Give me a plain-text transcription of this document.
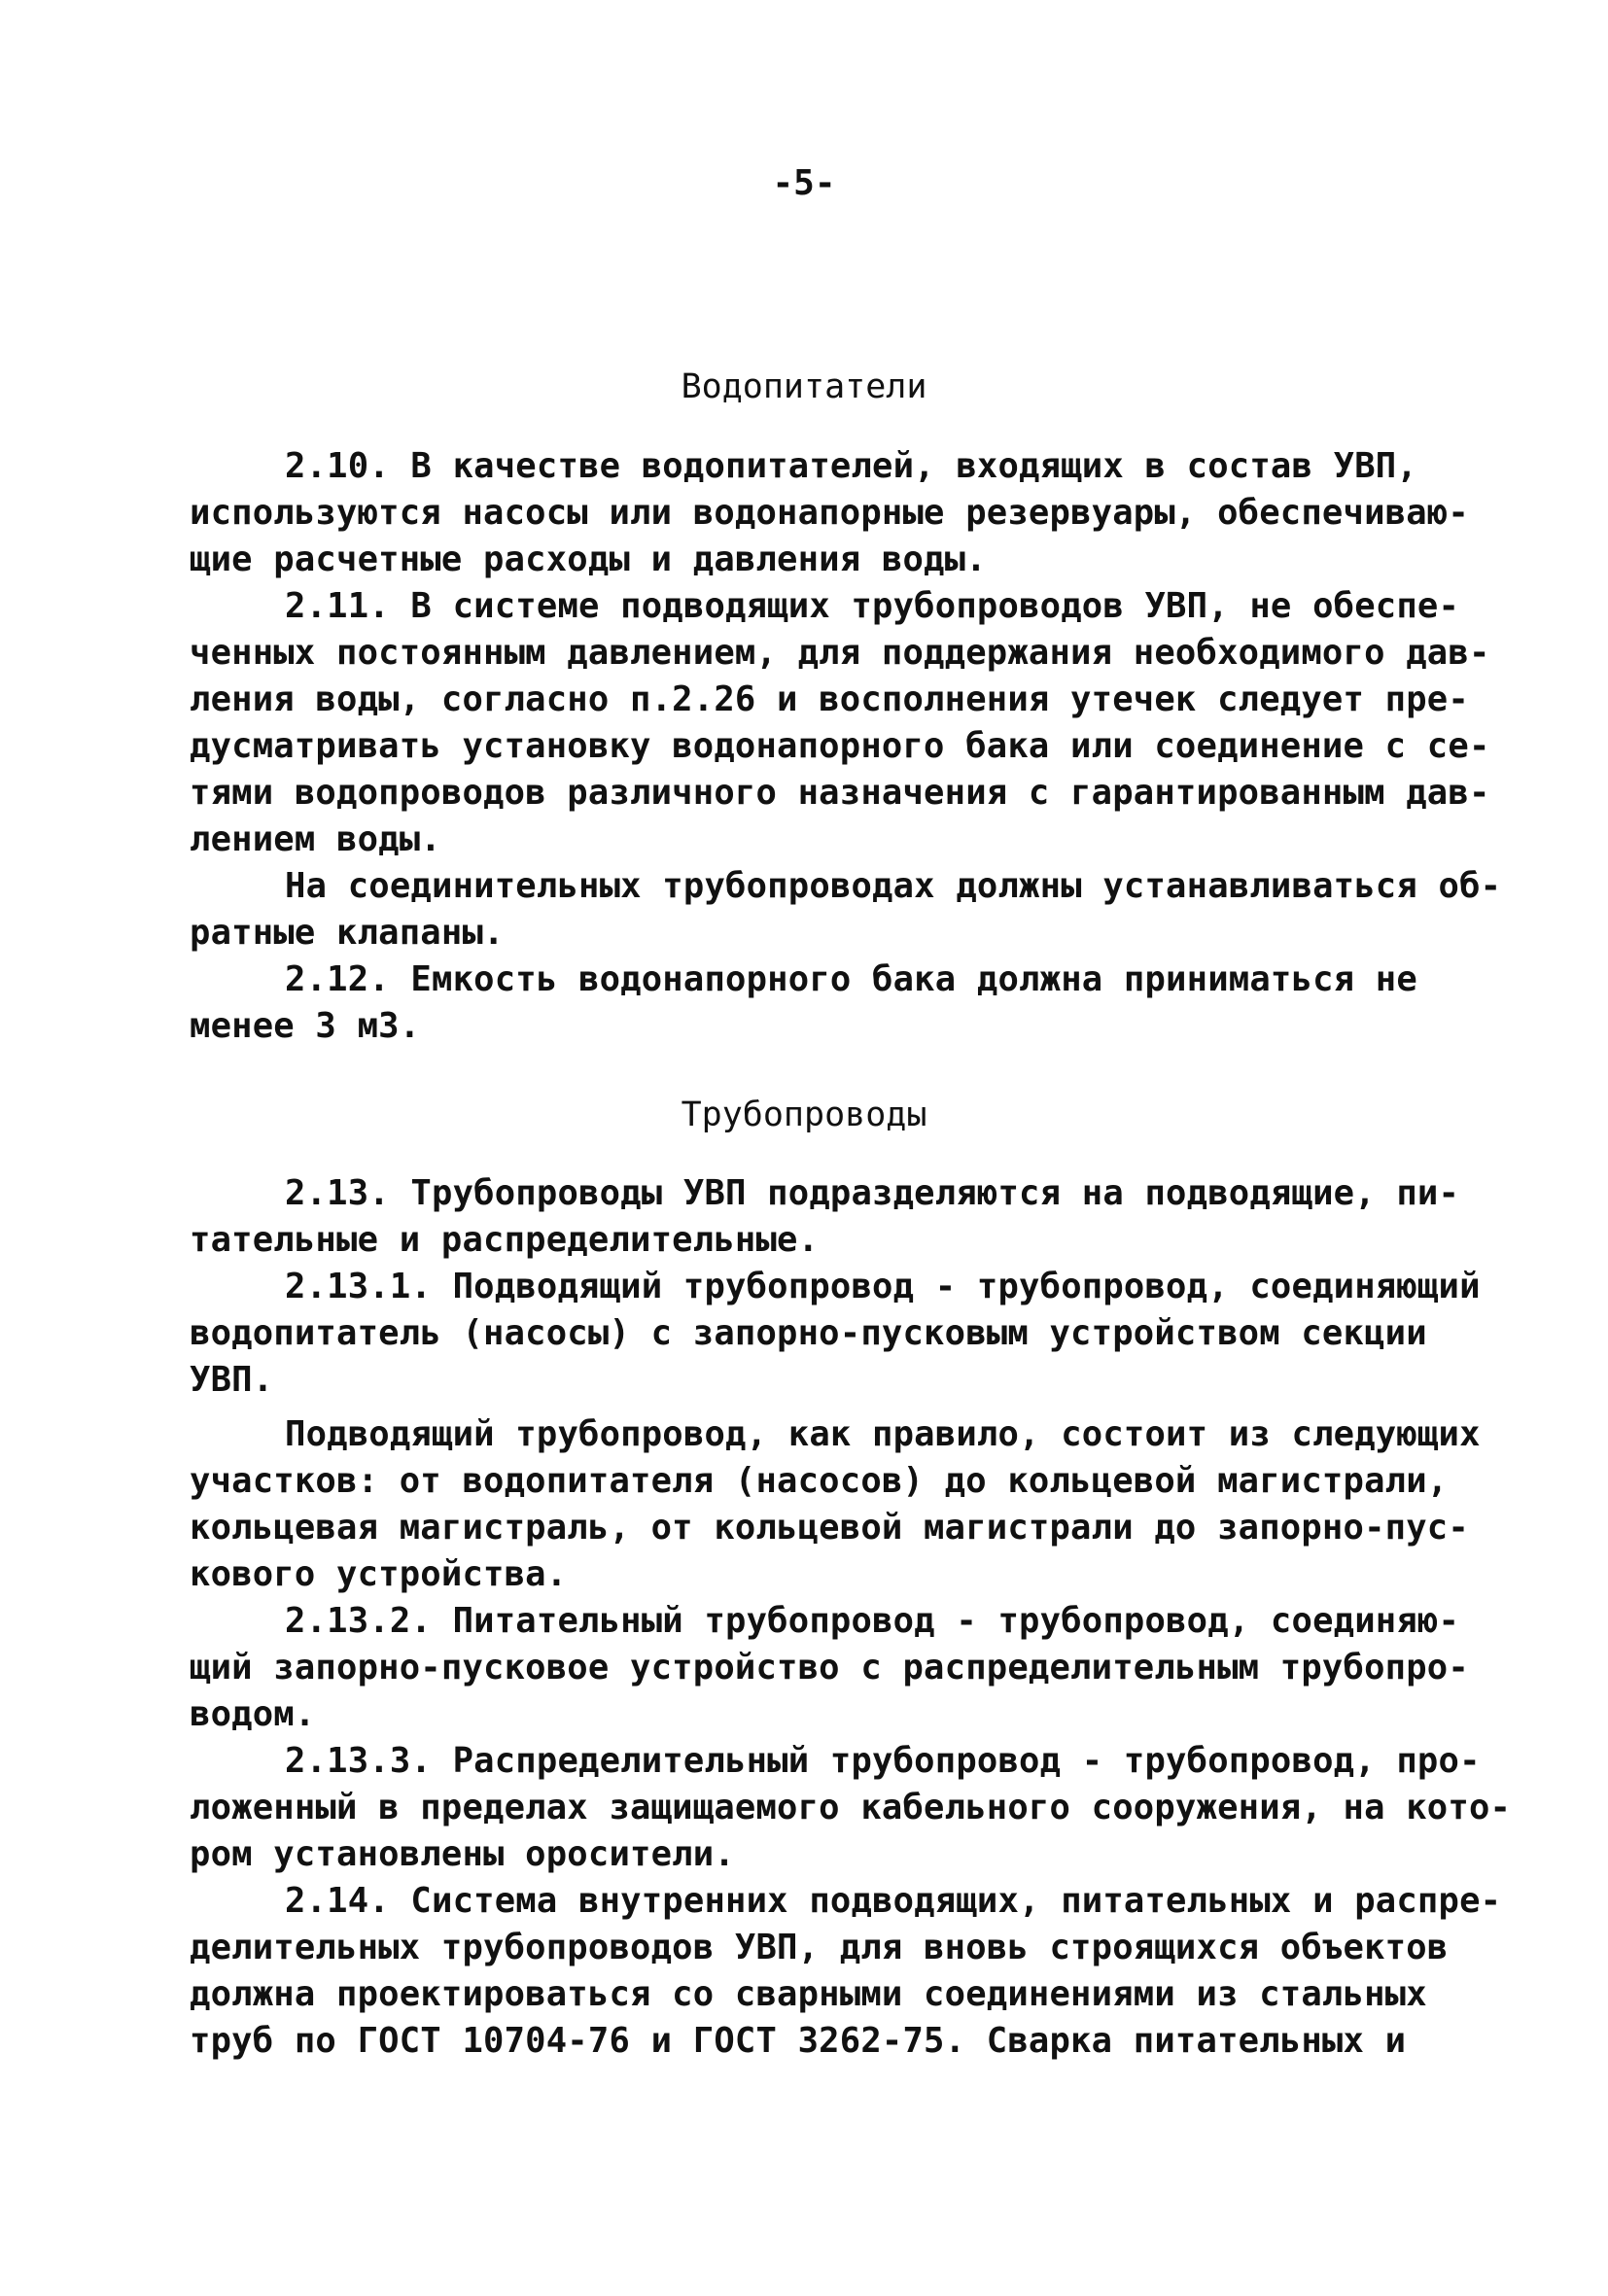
-5-
Водопитатели
2.10. В качестве водопитателей, входящих в состав УВП,
используются насосы или водонапорные резервуары, обеспечиваю-
щие расчетные расходы и давления воды.
2.11. В системе подводящих трубопроводов УВП, не обеспе-
ченных постоянным давлением, для поддержания необходимого дав-
ления воды, согласно п.2.26 и восполнения утечек следует пре-
дусматривать установку водонапорного бака или соединение с се-
тями водопроводов различного назначения с гарантированным дав-
лением воды.
На соединительных трубопроводах должны устанавливаться об-
ратные клапаны.
2.12. Емкость водонапорного бака должна приниматься не
менее 3 м3.
Трубопроводы
2.13. Трубопроводы УВП подразделяются на подводящие, пи-
тательные и распределительные.
2.13.1. Подводящий трубопровод - трубопровод, соединяющий
водопитатель (насосы) с запорно-пусковым устройством секции
УВП.
Подводящий трубопровод, как правило, состоит из следующих
участков: от водопитателя (насосов) до кольцевой магистрали,
кольцевая магистраль, от кольцевой магистрали до запорно-пус-
кового устройства.
2.13.2. Питательный трубопровод - трубопровод, соединяю-
щий запорно-пусковое устройство с распределительным трубопро-
водом.
2.13.3. Распределительный трубопровод - трубопровод, про-
ложенный в пределах защищаемого кабельного сооружения, на кото-
ром установлены оросители.
2.14. Система внутренних подводящих, питательных и распре-
делительных трубопроводов УВП, для вновь строящихся объектов
должна проектироваться со сварными соединениями из стальных
труб по ГОСТ 10704-76 и ГОСТ 3262-75. Сварка питательных и
